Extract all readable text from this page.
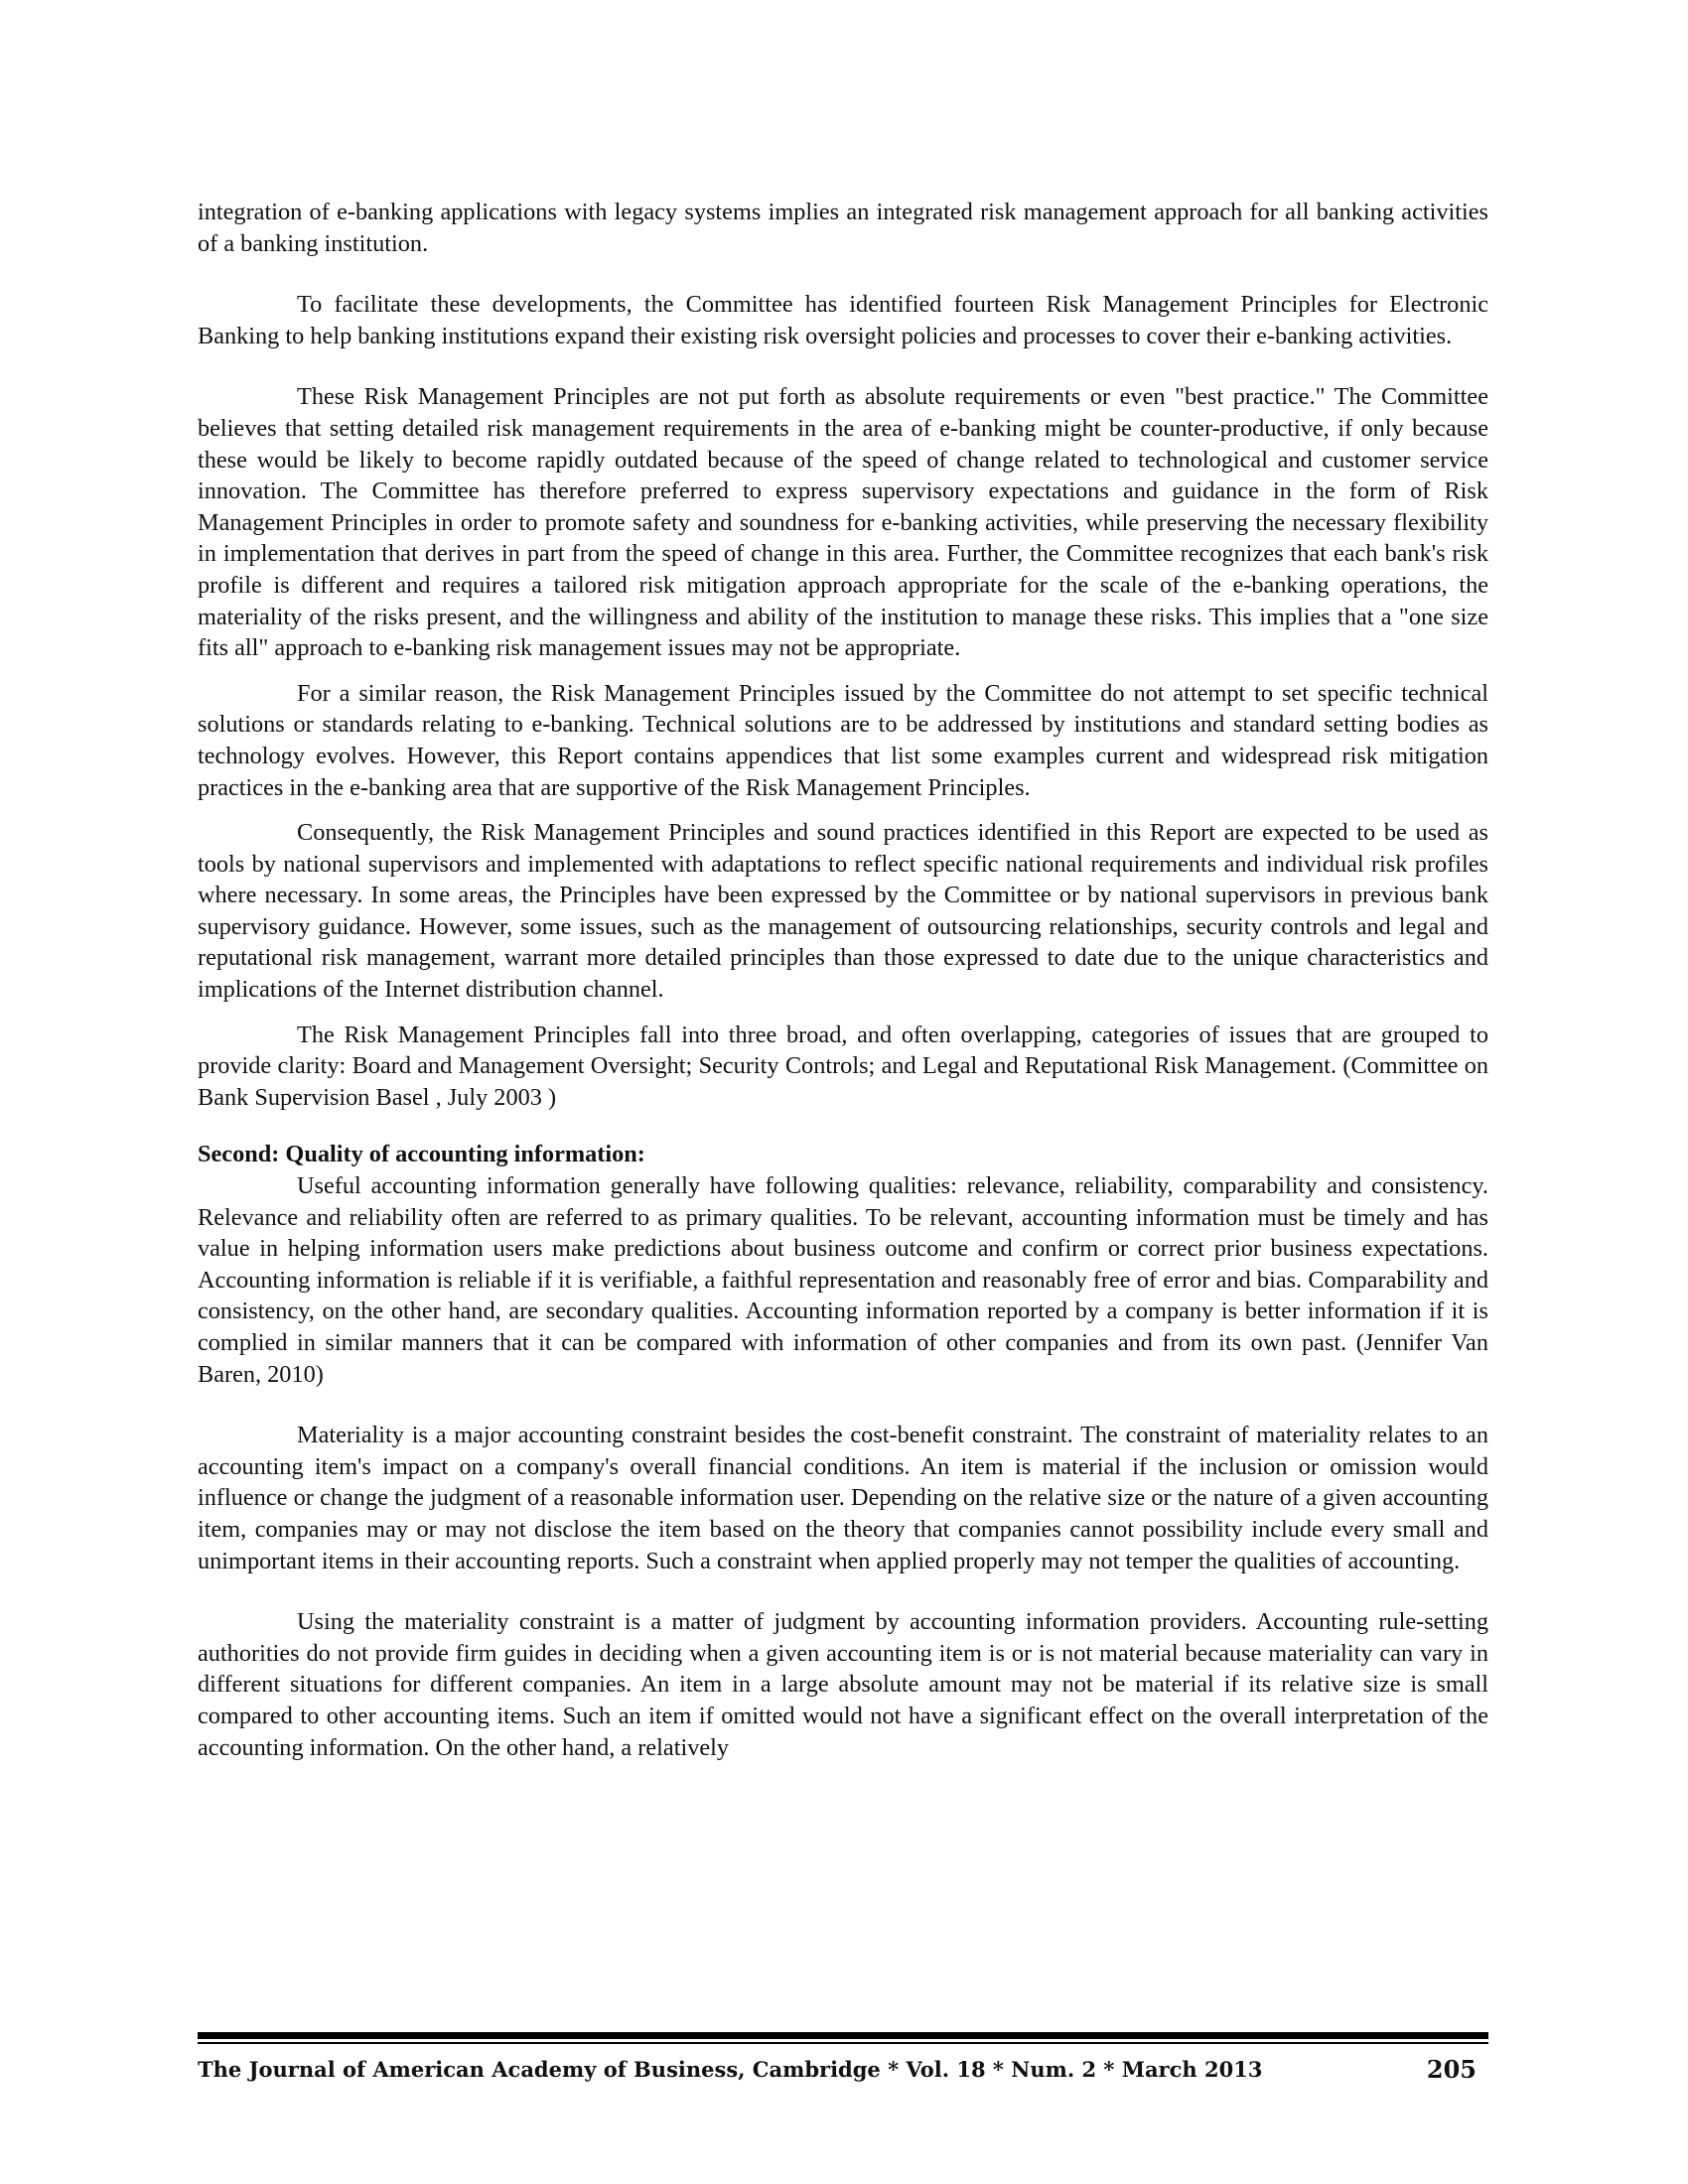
integration of e-banking applications with legacy systems implies an integrated risk management approach for all banking activities of a banking institution.

To facilitate these developments, the Committee has identified fourteen Risk Management Principles for Electronic Banking to help banking institutions expand their existing risk oversight policies and processes to cover their e-banking activities.

These Risk Management Principles are not put forth as absolute requirements or even "best practice." The Committee believes that setting detailed risk management requirements in the area of e-banking might be counter-productive, if only because these would be likely to become rapidly outdated because of the speed of change related to technological and customer service innovation. The Committee has therefore preferred to express supervisory expectations and guidance in the form of Risk Management Principles in order to promote safety and soundness for e-banking activities, while preserving the necessary flexibility in implementation that derives in part from the speed of change in this area. Further, the Committee recognizes that each bank's risk profile is different and requires a tailored risk mitigation approach appropriate for the scale of the e-banking operations, the materiality of the risks present, and the willingness and ability of the institution to manage these risks. This implies that a "one size fits all" approach to e-banking risk management issues may not be appropriate.

For a similar reason, the Risk Management Principles issued by the Committee do not attempt to set specific technical solutions or standards relating to e-banking. Technical solutions are to be addressed by institutions and standard setting bodies as technology evolves. However, this Report contains appendices that list some examples current and widespread risk mitigation practices in the e-banking area that are supportive of the Risk Management Principles.

Consequently, the Risk Management Principles and sound practices identified in this Report are expected to be used as tools by national supervisors and implemented with adaptations to reflect specific national requirements and individual risk profiles where necessary. In some areas, the Principles have been expressed by the Committee or by national supervisors in previous bank supervisory guidance. However, some issues, such as the management of outsourcing relationships, security controls and legal and reputational risk management, warrant more detailed principles than those expressed to date due to the unique characteristics and implications of the Internet distribution channel.

The Risk Management Principles fall into three broad, and often overlapping, categories of issues that are grouped to provide clarity: Board and Management Oversight; Security Controls; and Legal and Reputational Risk Management. (Committee on Bank Supervision Basel , July 2003 )

Second: Quality of accounting information:

Useful accounting information generally have following qualities: relevance, reliability, comparability and consistency. Relevance and reliability often are referred to as primary qualities. To be relevant, accounting information must be timely and has value in helping information users make predictions about business outcome and confirm or correct prior business expectations. Accounting information is reliable if it is verifiable, a faithful representation and reasonably free of error and bias. Comparability and consistency, on the other hand, are secondary qualities. Accounting information reported by a company is better information if it is complied in similar manners that it can be compared with information of other companies and from its own past. (Jennifer Van Baren, 2010)

Materiality is a major accounting constraint besides the cost-benefit constraint. The constraint of materiality relates to an accounting item's impact on a company's overall financial conditions. An item is material if the inclusion or omission would influence or change the judgment of a reasonable information user. Depending on the relative size or the nature of a given accounting item, companies may or may not disclose the item based on the theory that companies cannot possibility include every small and unimportant items in their accounting reports. Such a constraint when applied properly may not temper the qualities of accounting.

Using the materiality constraint is a matter of judgment by accounting information providers. Accounting rule-setting authorities do not provide firm guides in deciding when a given accounting item is or is not material because materiality can vary in different situations for different companies. An item in a large absolute amount may not be material if its relative size is small compared to other accounting items. Such an item if omitted would not have a significant effect on the overall interpretation of the accounting information. On the other hand, a relatively

The Journal of American Academy of Business, Cambridge * Vol. 18 * Num. 2 * March 2013	205
